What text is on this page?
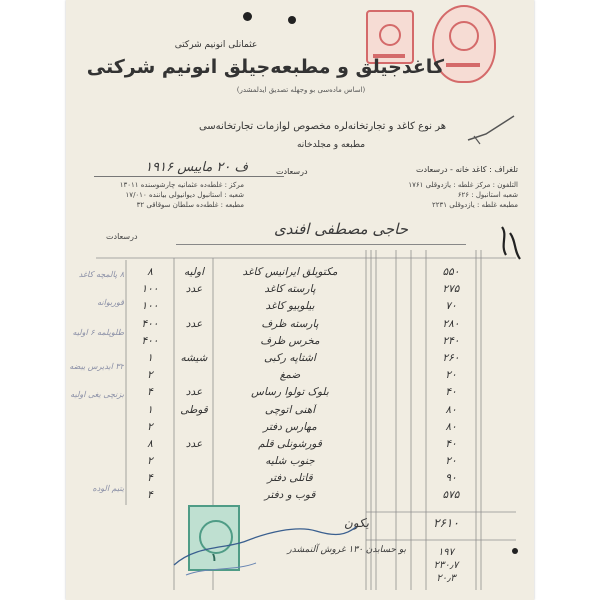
عثمانلی انونیم شرکتی
کاغدجیلق و مطبعه‌جیلق انونیم شرکتی
(اساس ماده‌سی بو وجهله تصدیق ایدلمشدر)
هر نوع کاغد و تجارتخانه‌لره مخصوص لوازمات تجارتخانه‌سی
مطبعه و مجلدخانه
تلغراف : کاغد خانه - درسعادت
التلفون : مرکز غلطه : یازدوقلی ۱۷۶۱
شعبه استانبول : ۶۲۶
مطبعه غلطه : یازدوقلی ۲۲۳۱
مرکز : غلطه‌ده عثمانیه چارشوسنده ۱۳۰۱۱
شعبه : استانبول دیوانیولی بیاننده ۱۷/۰۱۰
مطبعه : غلطه‌ده سلطان سوقاقی ۳۲
درسعادت
ف ۲۰ ماییس ۱۹۱۶
حاجی مصطفی افندی
درسعادت
۵۵۰
مکتوبلق ایرانیس کاغد
اولیه
۸
۲۷۵
پارسته کاغد
عدد
۱۰۰
۷۰
بیلوبیو کاغد
۱۰۰
۲۸۰
پارسته ظرف
عدد
۴۰۰
۲۴۰
مخرس ظرف
۴۰۰
۲۶۰
اشتاپه رکبی
شیشه
۱
۲۰
ضمغ
۲
۴۰
بلوک تولوا رساس
عدد
۴
۸۰
آهنی اتوچی
قوطی
۱
۸۰
مهارس دفتر
۲
۴۰
قورشونلی قلم
عدد
۸
۲۰
جنوب شلیه
۲
۹۰
قاتلی دفتر
۴
۵۷۵
قوب و دفتر
۴
یکون	۲۶۱۰
۱۹۷
۲۳۰٫۷
۲۰٫۳
بو حسابدن ۱۳۰ غروش آلنمشدر
۱
۸ پالمچه کاغد
قوربوانه
طلوپلمه ۶ اولیه
۳۲ ایدیرس ییضه
بزنچی یغی اولیه
یتیم الوده
